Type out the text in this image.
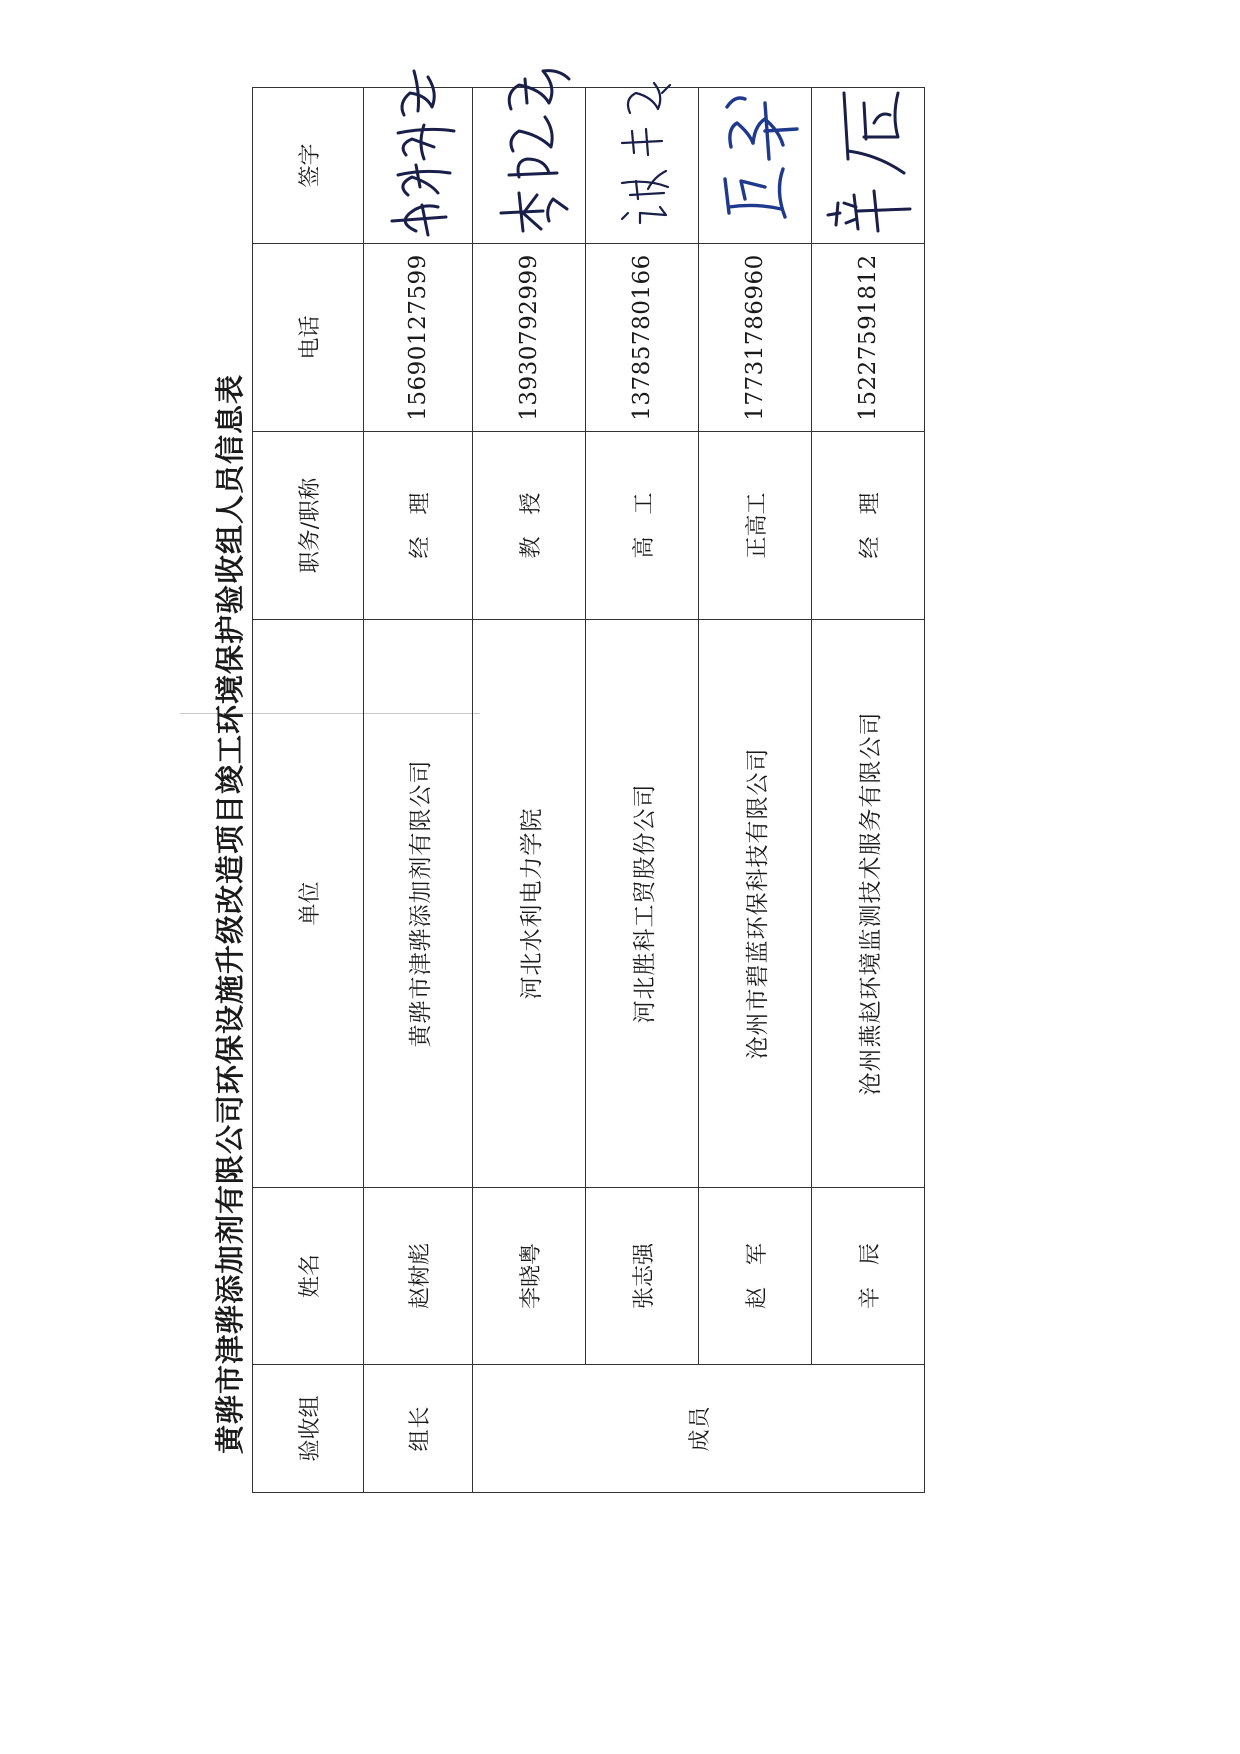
黄骅市津骅添加剂有限公司环保设施升级改造项目竣工环境保护验收组人员信息表 验收组	姓名	单位	职务/职称	电话	签字
组长	赵树彪	黄骅市津骅添加剂有限公司	经　理	15690127599	

成员	李晓粤	河北水利电力学院	教　授	13930792999	

	张志强	河北胜科工贸股份公司	高　工	13785780166	

	赵　军	沧州市碧蓝环保科技有限公司	正高工	17731786960	

	辛　辰	沧州燕赵环境监测技术服务有限公司	经　理	15227591812	
